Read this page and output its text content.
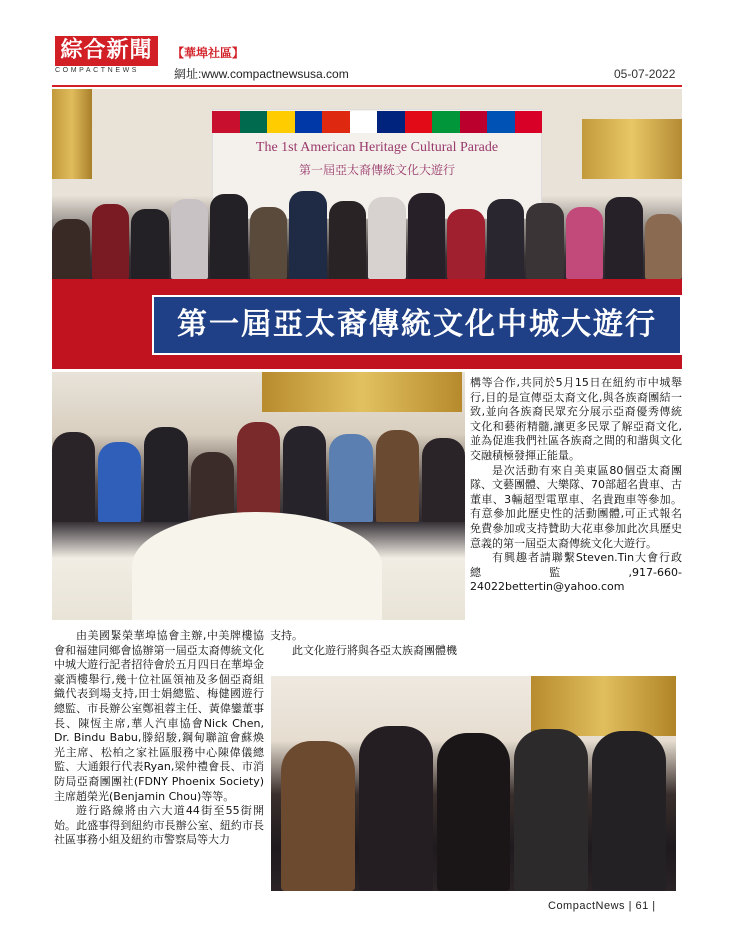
綜合新聞
COMPACTNEWS
【華埠社區】
網址:www.compactnewsusa.com	05-07-2022
The 1st American Heritage Cultural Parade
第一屆亞太裔傳統文化大遊行
第一屆亞太裔傳統文化中城大遊行

構等合作,共同於5月15日在紐約市中城舉行,目的是宣傳亞太裔文化,與各族裔團結一致,並向各族裔民眾充分展示亞裔優秀傳統文化和藝術精髓,讓更多民眾了解亞裔文化,並為促進我們社區各族裔之間的和諧與文化交融積極發揮正能量。

是次活動有來自美東區80個亞太裔團隊、文藝團體、大樂隊、70部超名貴車、古董車、3輛超型電單車、名貴跑車等參加。有意參加此歷史性的活動團體,可正式報名免費參加或支持贊助大花車參加此次具歷史意義的第一屆亞太裔傳統文化大遊行。

有興趣者請聯繫Steven.Tin大會行政總監,917-660-24022bettertin@yahoo.com

由美國緊榮華埠協會主辦,中美牌樓協會和福建同鄉會協辦第一屆亞太裔傳統文化中城大遊行記者招待會於五月四日在華埠金豪酒樓舉行,幾十位社區領袖及多個亞裔組織代表到場支持,田士娟總監、梅健國遊行總監、市長辦公室鄭祖蓉主任、黃偉鑾董事長、陳恆主席,華人汽車協會Nick Chen, Dr. Bindu Babu,滕紹駿,鋼甸聯誼會蘇煥光主席、松柏之家社區服務中心陳偉儀總監、大通銀行代表Ryan,梁仲禮會長、市消防局亞裔團團社(FDNY Phoenix Society)主席趙榮光(Benjamin Chou)等等。

遊行路線將由六大道44街至55街開始。此盛事得到紐約市長辦公室、紐約市長社區事務小組及紐約市警察局等大力

支持。

此文化遊行將與各亞太族裔團體機

CompactNews | 61 |
